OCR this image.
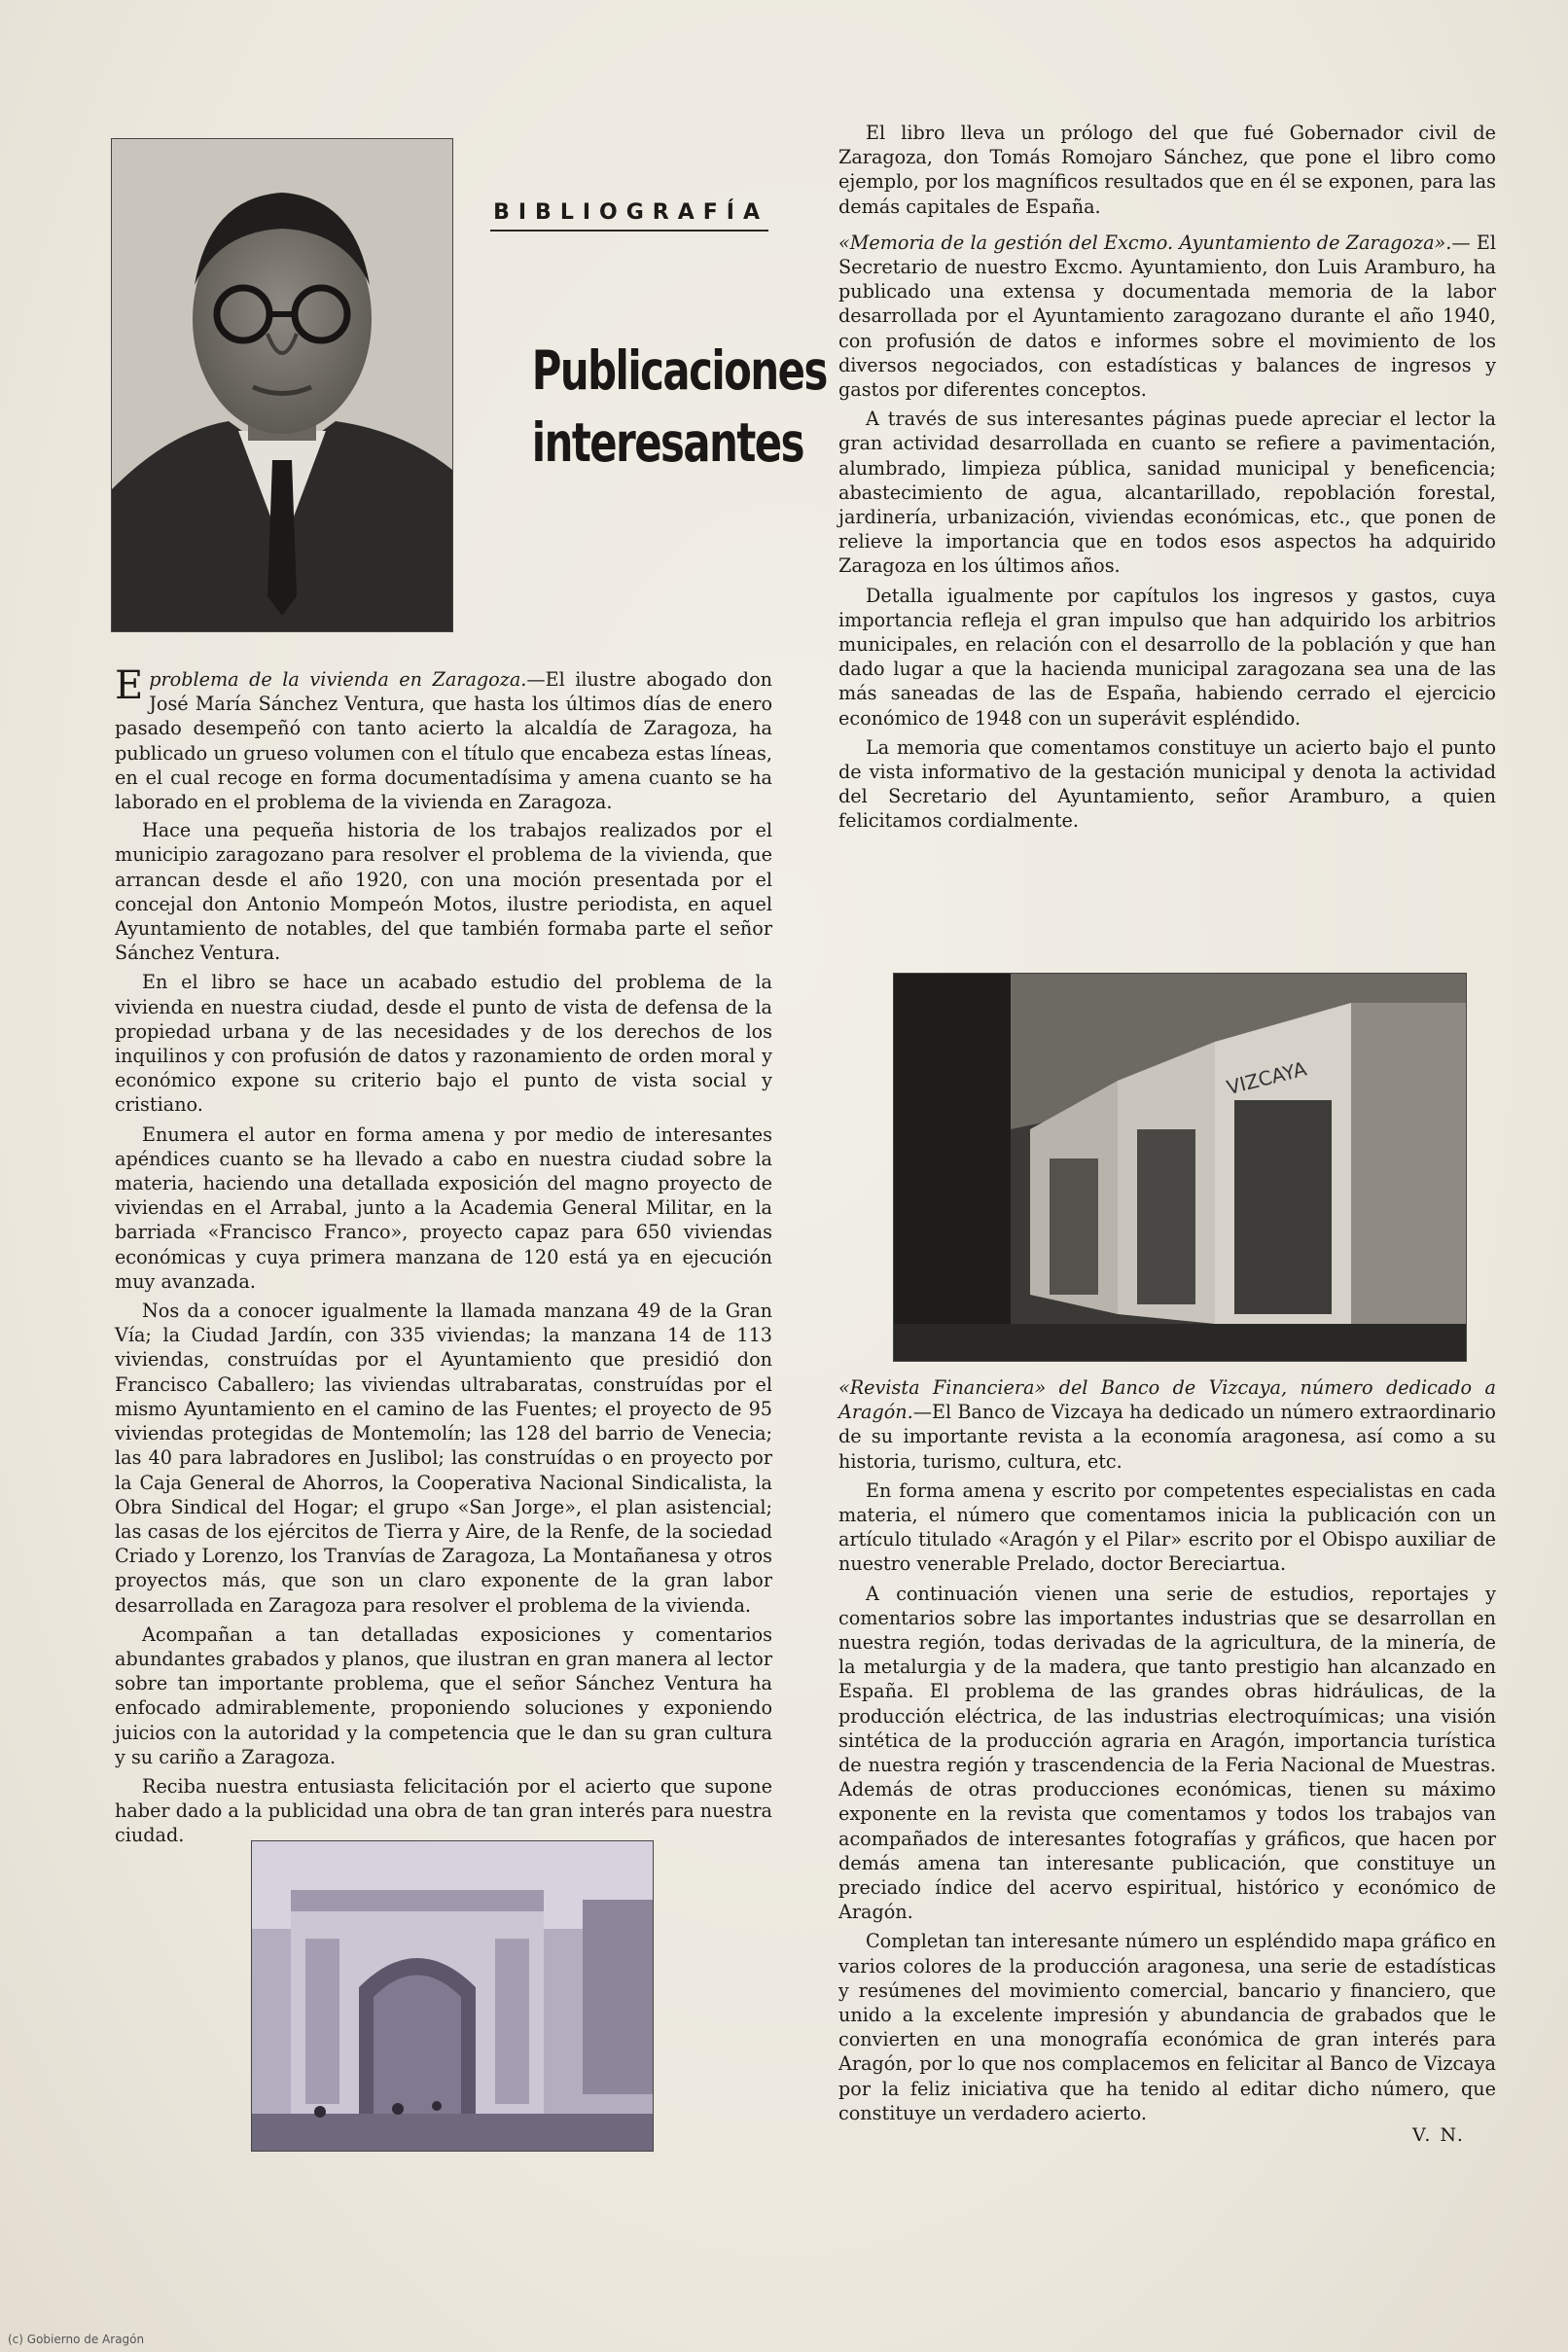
BIBLIOGRAFÍA
Publicaciones
interesantes

Eproblema de la vivienda en Zaragoza.—El ilustre abogado don José María Sánchez Ventura, que hasta los últimos días de enero pasado desempeñó con tanto acierto la alcaldía de Zaragoza, ha publicado un grueso volumen con el título que encabeza estas líneas, en el cual recoge en forma documentadísima y amena cuanto se ha laborado en el problema de la vivienda en Zaragoza.

Hace una pequeña historia de los trabajos realizados por el municipio zaragozano para resolver el problema de la vivienda, que arrancan desde el año 1920, con una moción presentada por el concejal don Antonio Mompeón Motos, ilustre periodista, en aquel Ayuntamiento de notables, del que también formaba parte el señor Sánchez Ventura.

En el libro se hace un acabado estudio del problema de la vivienda en nuestra ciudad, desde el punto de vista de defensa de la propiedad urbana y de las necesidades y de los derechos de los inquilinos y con profusión de datos y razonamiento de orden moral y económico expone su criterio bajo el punto de vista social y cristiano.

Enumera el autor en forma amena y por medio de interesantes apéndices cuanto se ha llevado a cabo en nuestra ciudad sobre la materia, haciendo una detallada exposición del magno proyecto de viviendas en el Arrabal, junto a la Academia General Militar, en la barriada «Francisco Franco», proyecto capaz para 650 viviendas económicas y cuya primera manzana de 120 está ya en ejecución muy avanzada.

Nos da a conocer igualmente la llamada manzana 49 de la Gran Vía; la Ciudad Jardín, con 335 viviendas; la manzana 14 de 113 viviendas, construídas por el Ayuntamiento que presidió don Francisco Caballero; las viviendas ultrabaratas, construídas por el mismo Ayuntamiento en el camino de las Fuentes; el proyecto de 95 viviendas protegidas de Montemolín; las 128 del barrio de Venecia; las 40 para labradores en Juslibol; las construídas o en proyecto por la Caja General de Ahorros, la Cooperativa Nacional Sindicalista, la Obra Sindical del Hogar; el grupo «San Jorge», el plan asistencial; las casas de los ejércitos de Tierra y Aire, de la Renfe, de la sociedad Criado y Lorenzo, los Tranvías de Zaragoza, La Montañanesa y otros proyectos más, que son un claro exponente de la gran labor desarrollada en Zaragoza para resolver el problema de la vivienda.

Acompañan a tan detalladas exposiciones y comentarios abundantes grabados y planos, que ilustran en gran manera al lector sobre tan importante problema, que el señor Sánchez Ventura ha enfocado admirablemente, proponiendo soluciones y exponiendo juicios con la autoridad y la competencia que le dan su gran cultura y su cariño a Zaragoza.

Reciba nuestra entusiasta felicitación por el acierto que supone haber dado a la publicidad una obra de tan gran interés para nuestra ciudad.

El libro lleva un prólogo del que fué Gobernador civil de Zaragoza, don Tomás Romojaro Sánchez, que pone el libro como ejemplo, por los magníficos resultados que en él se exponen, para las demás capitales de España.

«Memoria de la gestión del Excmo. Ayuntamiento de Zaragoza».— El Secretario de nuestro Excmo. Ayuntamiento, don Luis Aramburo, ha publicado una extensa y documentada memoria de la labor desarrollada por el Ayuntamiento zaragozano durante el año 1940, con profusión de datos e informes sobre el movimiento de los diversos negociados, con estadísticas y balances de ingresos y gastos por diferentes conceptos.

A través de sus interesantes páginas puede apreciar el lector la gran actividad desarrollada en cuanto se refiere a pavimentación, alumbrado, limpieza pública, sanidad municipal y beneficencia; abastecimiento de agua, alcantarillado, repoblación forestal, jardinería, urbanización, viviendas económicas, etc., que ponen de relieve la importancia que en todos esos aspectos ha adquirido Zaragoza en los últimos años.

Detalla igualmente por capítulos los ingresos y gastos, cuya importancia refleja el gran impulso que han adquirido los arbitrios municipales, en relación con el desarrollo de la población y que han dado lugar a que la hacienda municipal zaragozana sea una de las más saneadas de las de España, habiendo cerrado el ejercicio económico de 1948 con un superávit espléndido.

La memoria que comentamos constituye un acierto bajo el punto de vista informativo de la gestación municipal y denota la actividad del Secretario del Ayuntamiento, señor Aramburo, a quien felicitamos cordialmente.

VIZCAYA

«Revista Financiera» del Banco de Vizcaya, número dedicado a Aragón.—El Banco de Vizcaya ha dedicado un número extraordinario de su importante revista a la economía aragonesa, así como a su historia, turismo, cultura, etc.

En forma amena y escrito por competentes especialistas en cada materia, el número que comentamos inicia la publicación con un artículo titulado «Aragón y el Pilar» escrito por el Obispo auxiliar de nuestro venerable Prelado, doctor Bereciartua.

A continuación vienen una serie de estudios, reportajes y comentarios sobre las importantes industrias que se desarrollan en nuestra región, todas derivadas de la agricultura, de la minería, de la metalurgia y de la madera, que tanto prestigio han alcanzado en España. El problema de las grandes obras hidráulicas, de la producción eléctrica, de las industrias electroquímicas; una visión sintética de la producción agraria en Aragón, importancia turística de nuestra región y trascendencia de la Feria Nacional de Muestras. Además de otras producciones económicas, tienen su máximo exponente en la revista que comentamos y todos los trabajos van acompañados de interesantes fotografías y gráficos, que hacen por demás amena tan interesante publicación, que constituye un preciado índice del acervo espiritual, histórico y económico de Aragón.

Completan tan interesante número un espléndido mapa gráfico en varios colores de la producción aragonesa, una serie de estadísticas y resúmenes del movimiento comercial, bancario y financiero, que unido a la excelente impresión y abundancia de grabados que le convierten en una monografía económica de gran interés para Aragón, por lo que nos complacemos en felicitar al Banco de Vizcaya por la feliz iniciativa que ha tenido al editar dicho número, que constituye un verdadero acierto.

V. N.
(c) Gobierno de Aragón
